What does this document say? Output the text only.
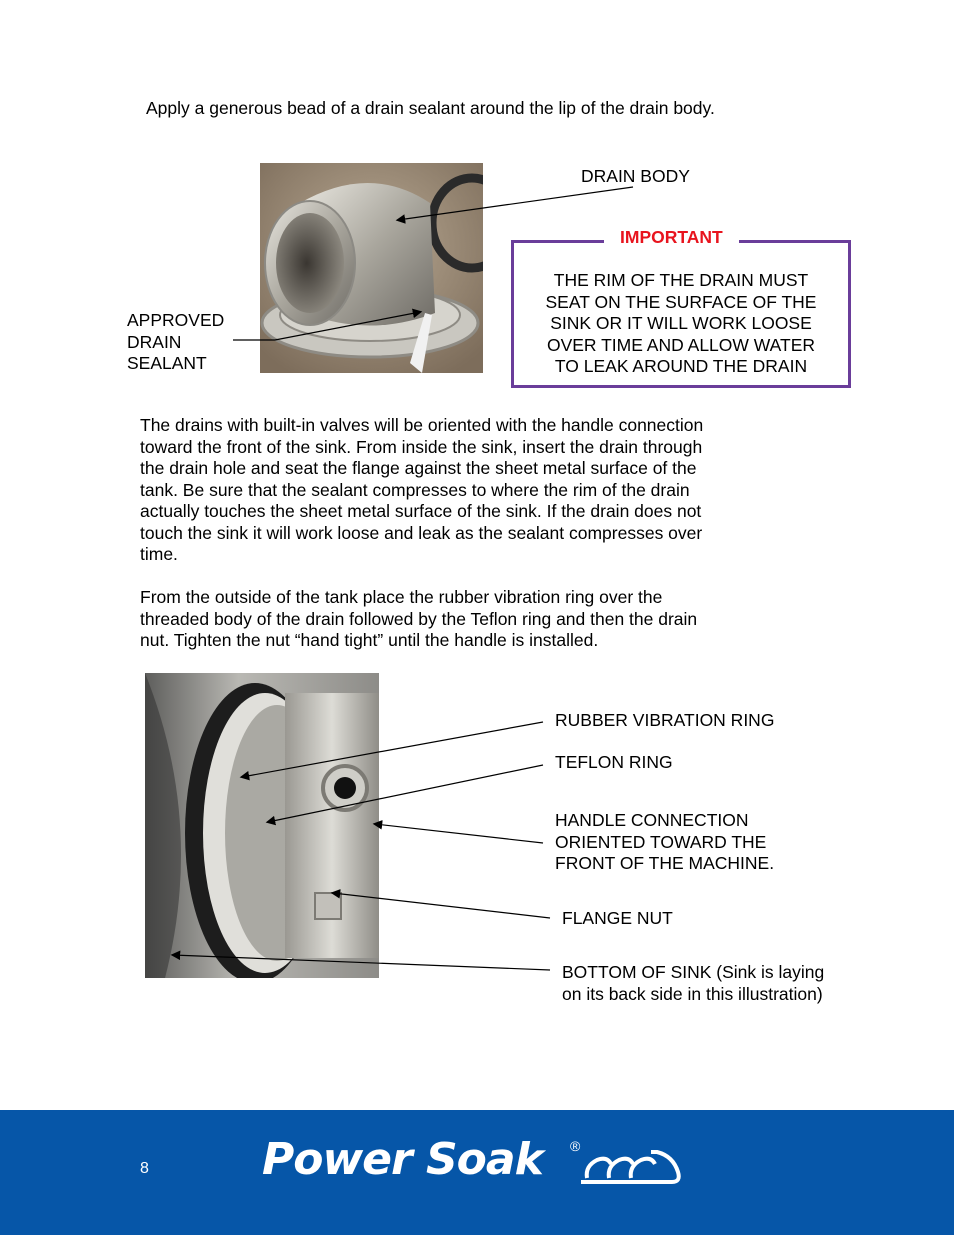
Apply a generous bead of a drain sealant around the lip of the drain body.

DRAIN BODY
APPROVED
DRAIN
SEALANT
IMPORTANT
THE RIM OF THE DRAIN MUST
SEAT ON THE SURFACE OF THE
SINK OR IT WILL WORK LOOSE
OVER TIME AND ALLOW WATER
TO LEAK AROUND THE DRAIN
The drains with built-in valves will be oriented with the handle connection
toward the front of the sink. From inside the sink, insert the drain through
the drain hole and seat the flange against the sheet metal surface of the
tank. Be sure that the sealant compresses to where the rim of the drain
actually touches the sheet metal surface of the sink. If the drain does not
touch the sink it will work loose and leak as the sealant compresses over
time.
From the outside of the tank place the rubber vibration ring over the
threaded body of the drain followed by the Teflon ring and then the drain
nut. Tighten the nut “hand tight” until the handle is installed.
RUBBER VIBRATION RING
TEFLON RING
HANDLE CONNECTION
ORIENTED TOWARD THE
FRONT OF THE MACHINE.
FLANGE NUT
BOTTOM OF SINK (Sink is laying
on its back side in this illustration)
8	Power Soak ®
